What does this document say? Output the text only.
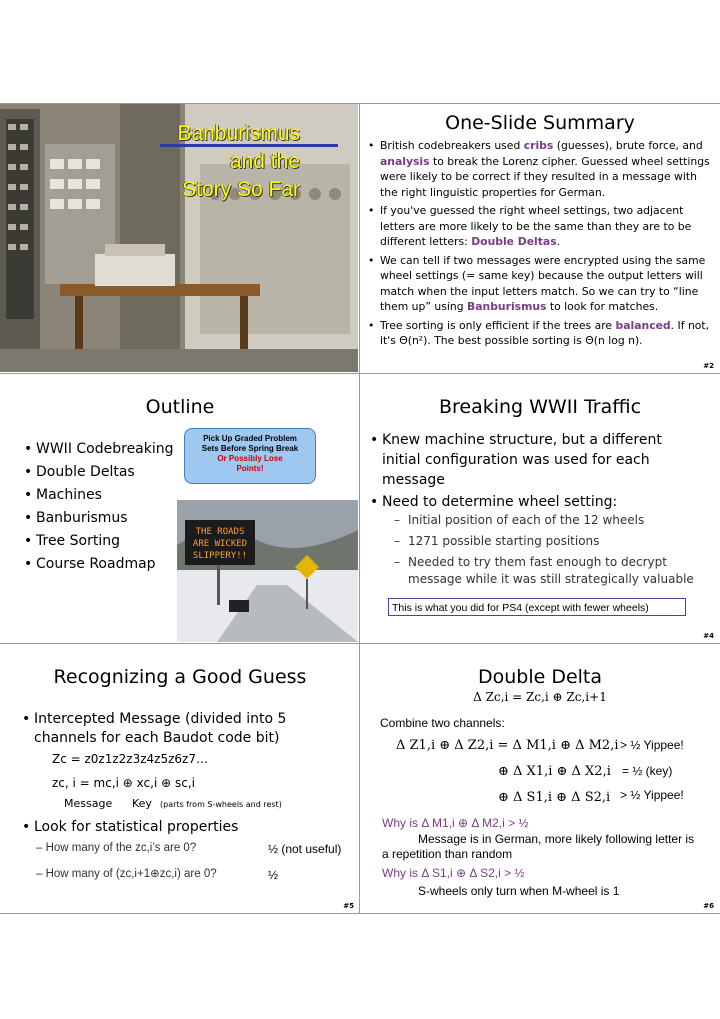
Banburismus
and the
Story So Far
One-Slide Summary
• British codebreakers used cribs (guesses), brute force, and analysis to break the Lorenz cipher. Guessed wheel settings were likely to be correct if they resulted in a message with the right linguistic properties for German.
• If you've guessed the right wheel settings, two adjacent letters are more likely to be the same than they are to be different letters: Double Deltas.
• We can tell if two messages were encrypted using the same wheel settings (= same key) because the output letters will match when the input letters match. So we can try to “line them up” using Banburismus to look for matches.
• Tree sorting is only efficient if the trees are balanced. If not, it's Θ(n²). The best possible sorting is Θ(n log n).
#2
Outline
• WWII Codebreaking
• Double Deltas
• Machines
• Banburismus
• Tree Sorting
• Course Roadmap
Pick Up Graded Problem Sets Before Spring Break
Or Possibly Lose Points!
THE ROADS
ARE WICKED
SLIPPERY!!
Breaking WWII Traffic
• Knew machine structure, but a different initial configuration was used for each message
• Need to determine wheel setting:
– Initial position of each of the 12 wheels
– 1271 possible starting positions
– Needed to try them fast enough to decrypt message while it was still strategically valuable
This is what you did for PS4 (except with fewer wheels)
#4
Recognizing a Good Guess
• Intercepted Message (divided into 5 channels for each Baudot code bit)
Zc = z0z1z2z3z4z5z6z7…
zc, i = mc,i ⊕ xc,i ⊕ sc,i
Message Key (parts from S-wheels and rest)
• Look for statistical properties
– How many of the zc,i’s are 0?	½ (not useful)
– How many of (zc,i+1⊕zc,i) are 0?	½
#5
Double Delta
Δ Zc,i = Zc,i ⊕ Zc,i+1
Combine two channels:
Δ Z1,i ⊕ Δ Z2,i = Δ M1,i ⊕ Δ M2,i > ½ Yippee!
⊕ Δ X1,i ⊕ Δ X2,i = ½ (key)
⊕ Δ S1,i ⊕ Δ S2,i > ½ Yippee!
Why is Δ M1,i ⊕ Δ M2,i > ½
Message is in German, more likely following letter is a repetition than random
Why is Δ S1,i ⊕ Δ S2,i > ½
S-wheels only turn when M-wheel is 1
#6
